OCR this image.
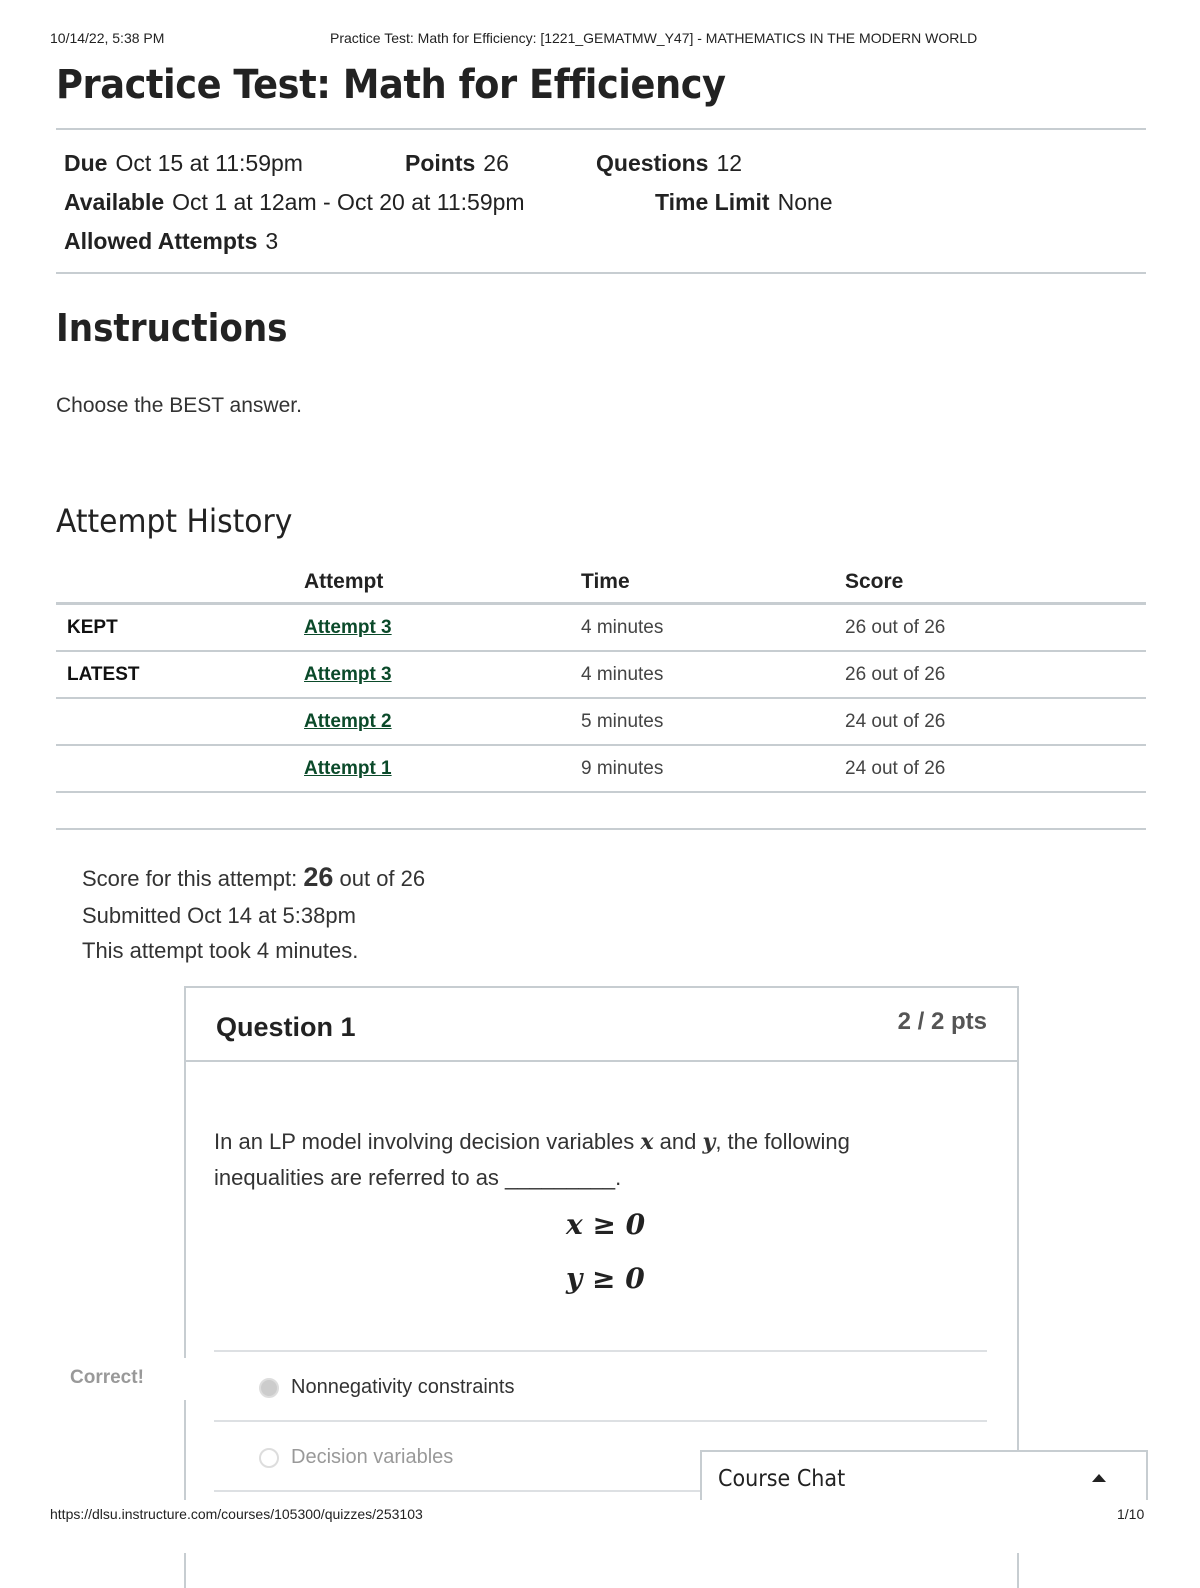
10/14/22, 5:38 PM	Practice Test: Math for Efficiency: [1221_GEMATMW_Y47] - MATHEMATICS IN THE MODERN WORLD
Practice Test: Math for Efficiency
Due Oct 15 at 11:59pm	Points 26	Questions 12
Available Oct 1 at 12am - Oct 20 at 11:59pm	Time Limit None
Allowed Attempts 3
Instructions
Choose the BEST answer.
Attempt History
	Attempt	Time	Score
KEPT	Attempt 3	4 minutes	26 out of 26
LATEST	Attempt 3	4 minutes	26 out of 26
	Attempt 2	5 minutes	24 out of 26
	Attempt 1	9 minutes	24 out of 26
Score for this attempt: 26 out of 26
Submitted Oct 14 at 5:38pm
This attempt took 4 minutes.
Question 1	2 / 2 pts
Correct!
In an LP model involving decision variables x and y, the following inequalities are referred to as _________.
x ≥ 0
y ≥ 0
Nonnegativity constraints
Decision variables
Course Chat
https://dlsu.instructure.com/courses/105300/quizzes/253103	1/10
